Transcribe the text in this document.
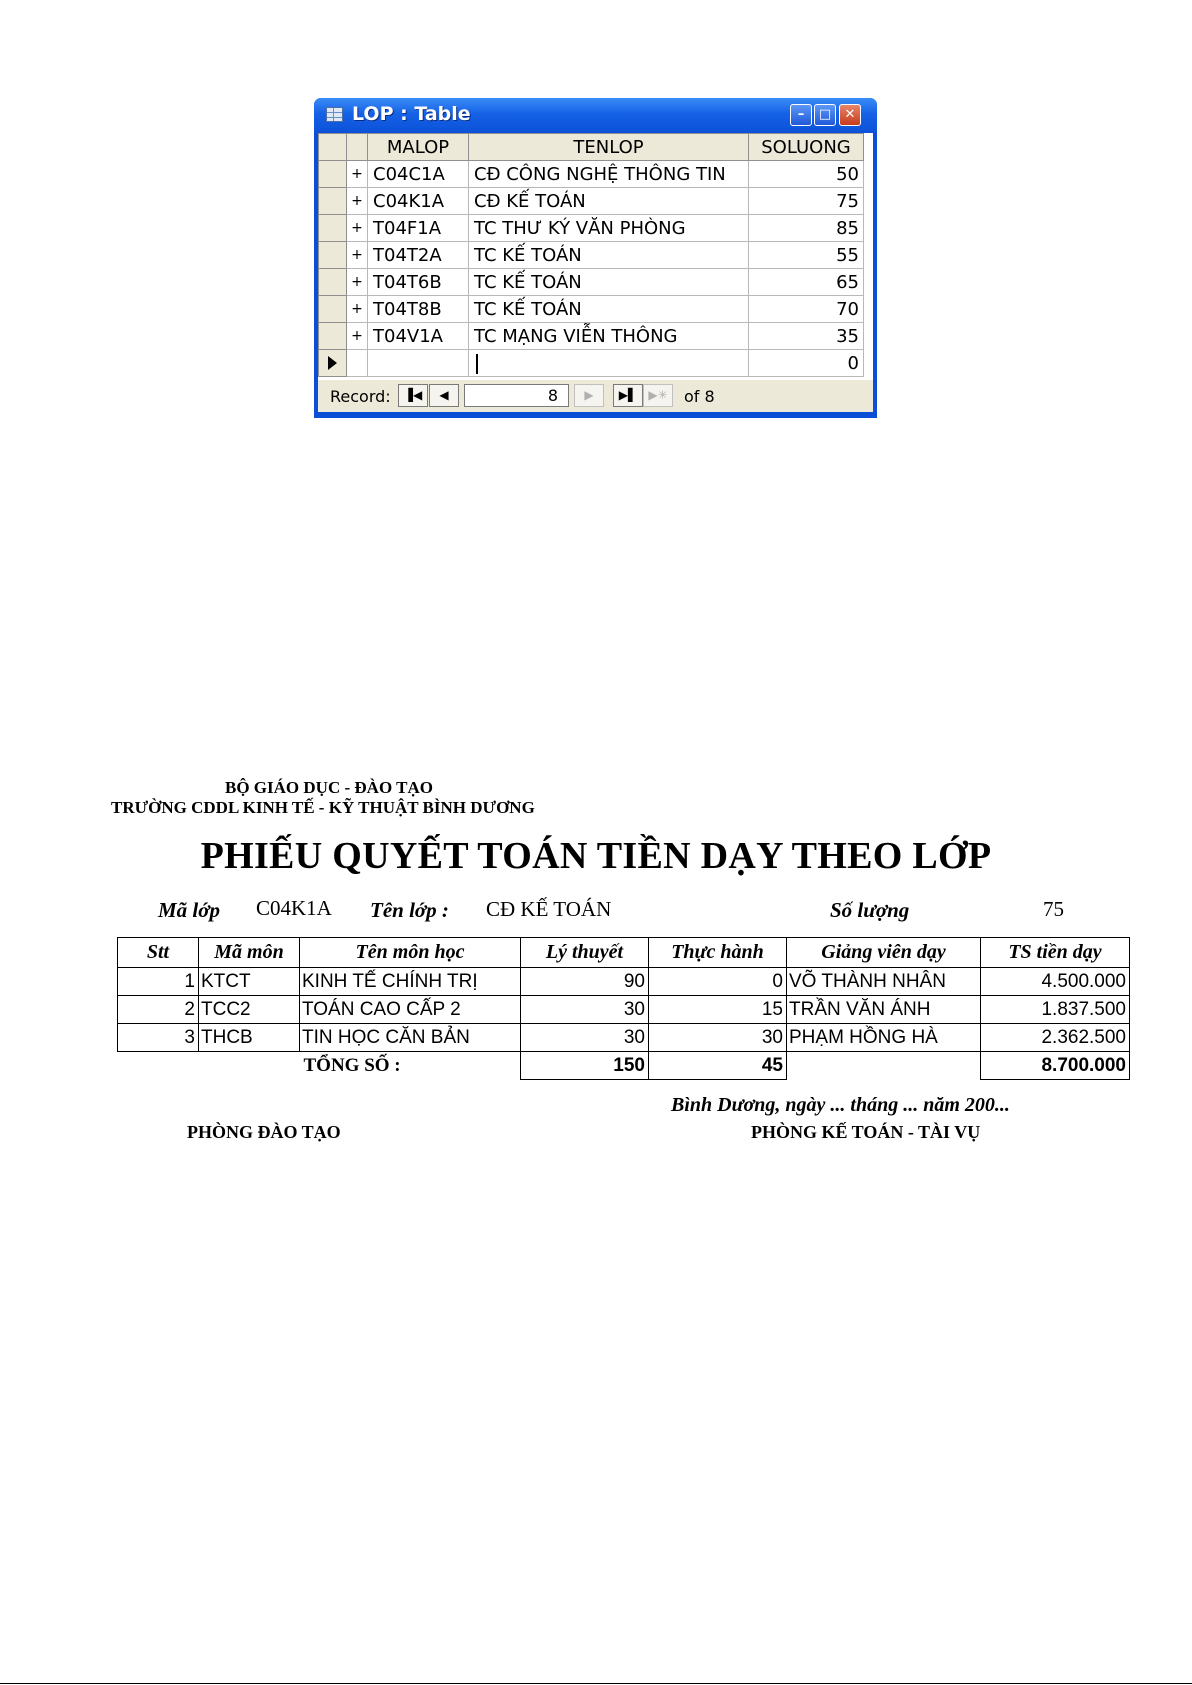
LOP : Table	–	□	✕
		MALOP	TENLOP	SOLUONG
	+	C04C1A	CĐ CÔNG NGHỆ THÔNG TIN	50
	+	C04K1A	CĐ KẾ TOÁN	75
	+	T04F1A	TC THƯ KÝ VĂN PHÒNG	85
	+	T04T2A	TC KẾ TOÁN	55
	+	T04T6B	TC KẾ TOÁN	65
	+	T04T8B	TC KẾ TOÁN	70
	+	T04V1A	TC MẠNG VIỄN THÔNG	35
				0
Record:	▐◀	◀	8	▶	▶▌ ▶✳	of 8
BỘ GIÁO DỤC - ĐÀO TẠO
TRƯỜNG CDDL KINH TẾ - KỸ THUẬT BÌNH DƯƠNG
PHIẾU QUYẾT TOÁN TIỀN DẠY THEO LỚP
Mã lớp C04K1A Tên lớp : CĐ KẾ TOÁN	Số lượng	75
Stt	Mã môn	Tên môn học	Lý thuyết	Thực hành	Giảng viên dạy	TS tiền dạy
1	KTCT	KINH TẾ CHÍNH TRỊ	90	0	VÕ THÀNH NHÂN	4.500.000
2	TCC2	TOÁN CAO CẤP 2	30	15	TRẦN VĂN ÁNH	1.837.500
3	THCB	TIN HỌC CĂN BẢN	30	30	PHẠM HỒNG HÀ	2.362.500
		TỔNG SỐ :	150	45		8.700.000
Bình Dương, ngày ... tháng ... năm 200...
PHÒNG ĐÀO TẠO	PHÒNG KẾ TOÁN - TÀI VỤ
